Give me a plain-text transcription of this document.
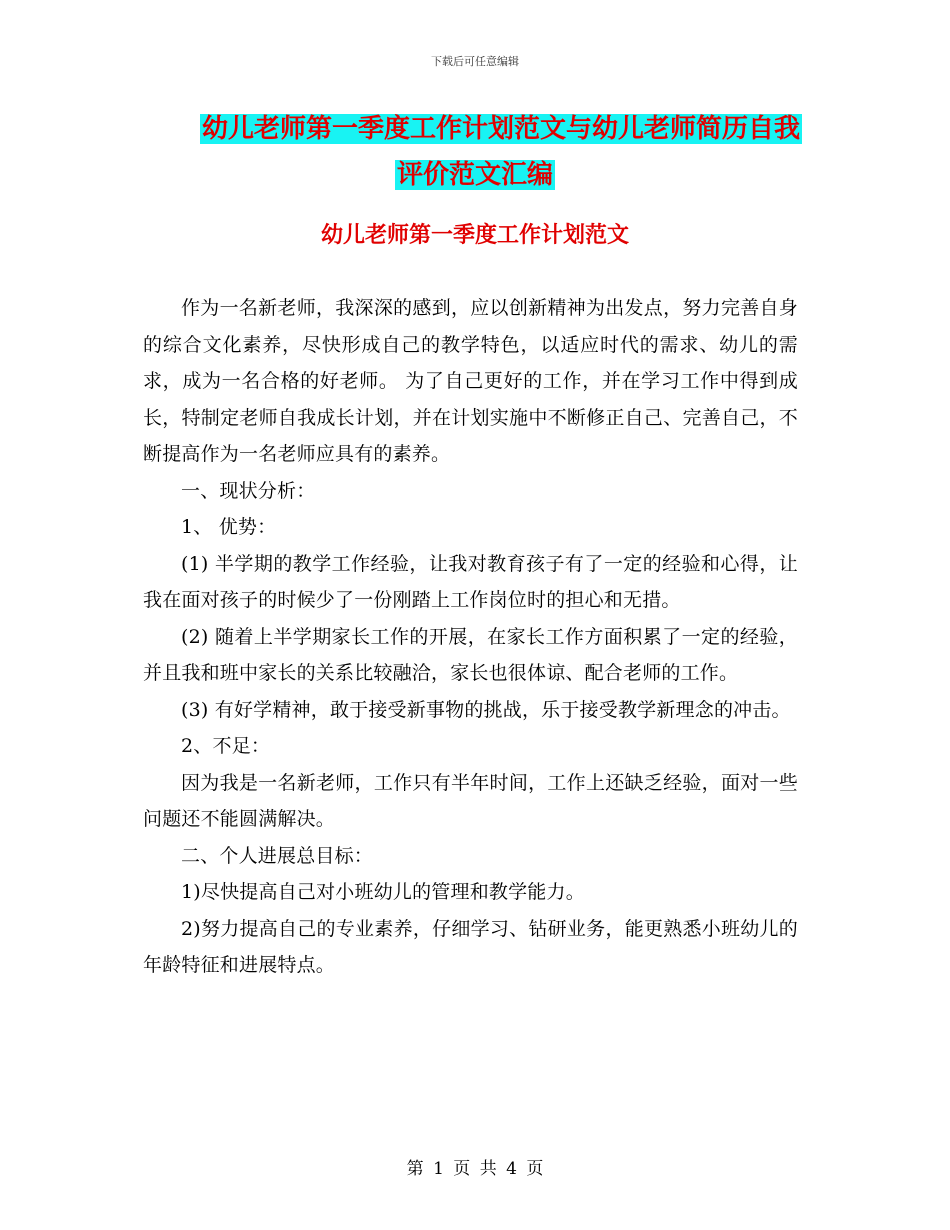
下载后可任意编辑
幼儿老师第一季度工作计划范文与幼儿老师简历自我
评价范文汇编
幼儿老师第一季度工作计划范文

作为一名新老师，我深深的感到，应以创新精神为出发点，努力完善自身的综合文化素养，尽快形成自己的教学特色，以适应时代的需求、幼儿的需求，成为一名合格的好老师。 为了自己更好的工作，并在学习工作中得到成长，特制定老师自我成长计划，并在计划实施中不断修正自己、完善自己，不断提高作为一名老师应具有的素养。

一、现状分析：

1、 优势：

(1) 半学期的教学工作经验，让我对教育孩子有了一定的经验和心得，让我在面对孩子的时候少了一份刚踏上工作岗位时的担心和无措。

(2) 随着上半学期家长工作的开展，在家长工作方面积累了一定的经验，并且我和班中家长的关系比较融洽，家长也很体谅、配合老师的工作。

(3) 有好学精神，敢于接受新事物的挑战，乐于接受教学新理念的冲击。

2、不足：

因为我是一名新老师，工作只有半年时间，工作上还缺乏经验，面对一些问题还不能圆满解决。

二、个人进展总目标：

1)尽快提高自己对小班幼儿的管理和教学能力。

2)努力提高自己的专业素养，仔细学习、钻研业务，能更熟悉小班幼儿的年龄特征和进展特点。

第 1 页 共 4 页
